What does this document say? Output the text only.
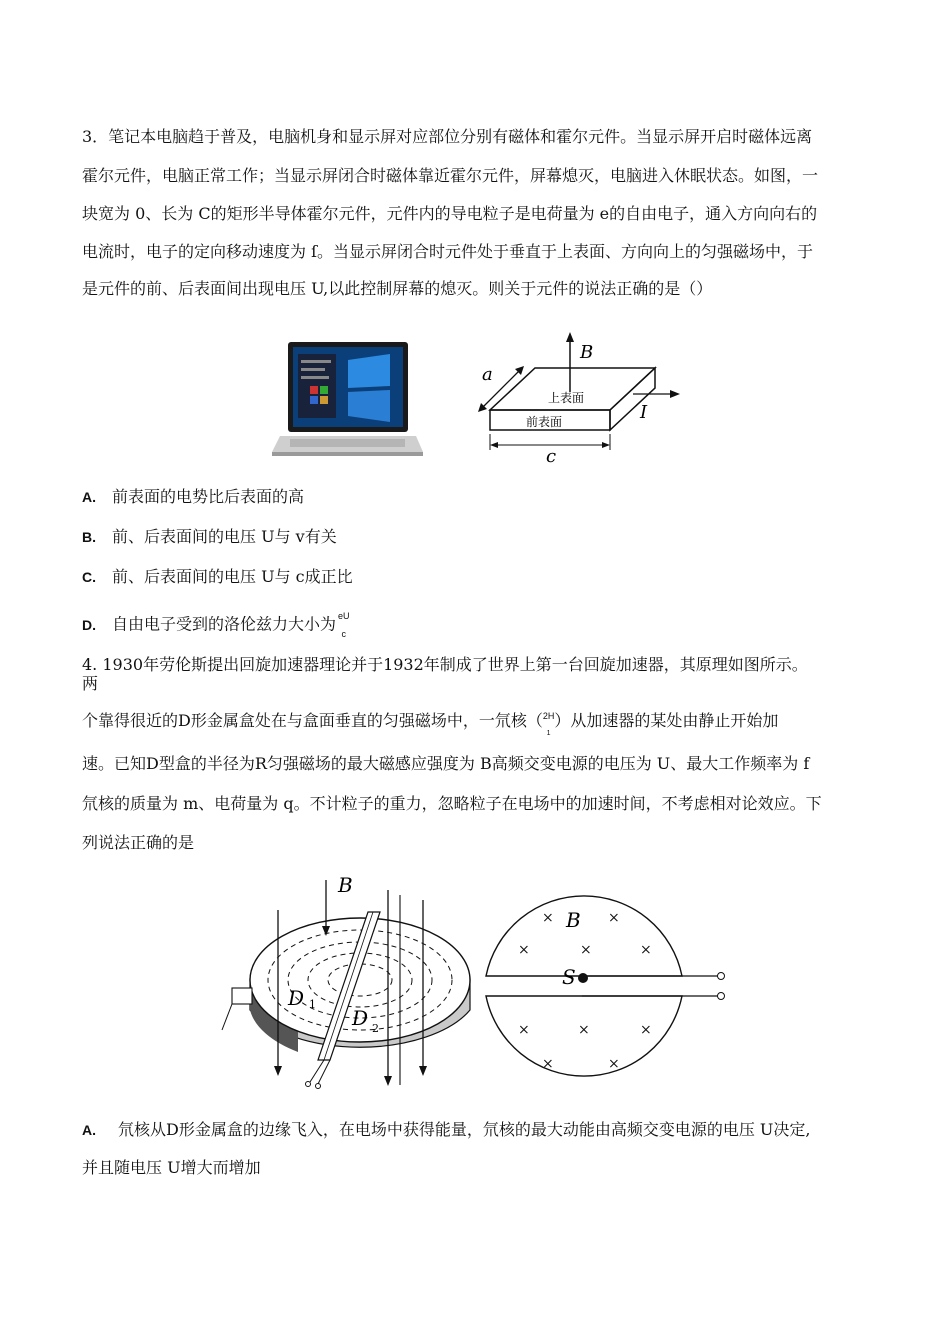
3．笔记本电脑趋于普及，电脑机身和显示屏对应部位分别有磁体和霍尔元件。当显示屏开启时磁体远离
霍尔元件，电脑正常工作；当显示屏闭合时磁体靠近霍尔元件，屏幕熄灭，电脑进入休眠状态。如图，一
块宽为 0、长为 C的矩形半导体霍尔元件，元件内的导电粒子是电荷量为 e的自由电子，通入方向向右的
电流时，电子的定向移动速度为 ſ。当显示屏闭合时元件处于垂直于上表面、方向向上的匀强磁场中，于
是元件的前、后表面间出现电压 U,以此控制屏幕的熄灭。则关于元件的说法正确的是（）
B
a
I
上表面
前表面
c
A. 前表面的电势比后表面的高
B. 前、后表面间的电压 U与 v有关
C. 前、后表面间的电压 U与 c成正比
D. 自由电子受到的洛伦兹力大小为 eU
c
4. 1930年劳伦斯提出回旋加速器理论并于1932年制成了世界上第一台回旋加速器，其原理如图所示。
两
个靠得很近的D形金属盒处在与盒面垂直的匀强磁场中，一氘核（ 2H
1
）从加速器的某处由静止开始加
速。已知D型盒的半径为R匀强磁场的最大磁感应强度为 B高频交变电源的电压为 U、最大工作频率为 f
氘核的质量为 m、电荷量为 q。不计粒子的重力，忽略粒子在电场中的加速时间，不考虑相对论效应。下
列说法正确的是
B
D 1
D 2
×	×
×	×	×
×	×	×
×	×
B
S
A. 氘核从D形金属盒的边缘飞入，在电场中获得能量，氘核的最大动能由高频交变电源的电压 U决定,
并且随电压 U增大而增加
